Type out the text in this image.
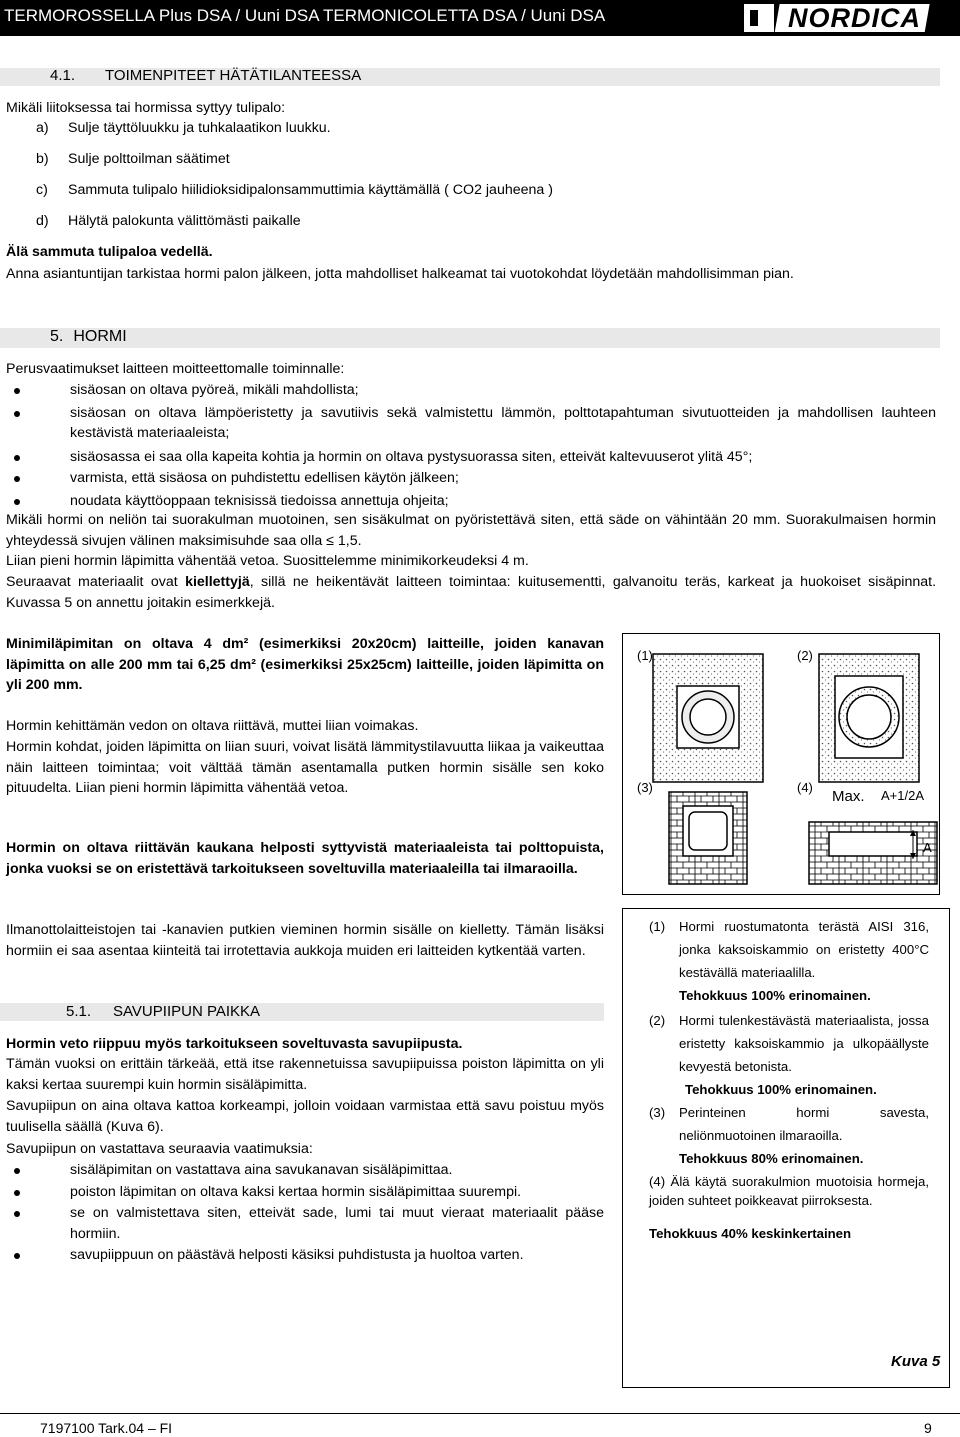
TERMOROSSELLA Plus DSA / Uuni DSA TERMONICOLETTA DSA / Uuni DSA	NORDICA
4.1. TOIMENPITEET HÄTÄTILANTEESSA

Mikäli liitoksessa tai hormissa syttyy tulipalo:

a) Sulje täyttöluukku ja tuhkalaatikon luukku.
b) Sulje polttoilman säätimet
c) Sammuta tulipalo hiilidioksidipalonsammuttimia käyttämällä ( CO2 jauheena )
d) Hälytä palokunta välittömästi paikalle

Älä sammuta tulipaloa vedellä.

Anna asiantuntijan tarkistaa hormi palon jälkeen, jotta mahdolliset halkeamat tai vuotokohdat löydetään mahdollisimman pian.

5. HORMI

Perusvaatimukset laitteen moitteettomalle toiminnalle:

sisäosan on oltava pyöreä, mikäli mahdollista;
sisäosan on oltava lämpöeristetty ja savutiivis sekä valmistettu lämmön, polttotapahtuman sivutuotteiden ja mahdollisen lauhteen kestävistä materiaaleista;
sisäosassa ei saa olla kapeita kohtia ja hormin on oltava pystysuorassa siten, etteivät kaltevuuserot ylitä 45°;
varmista, että sisäosa on puhdistettu edellisen käytön jälkeen;
noudata käyttöoppaan teknisissä tiedoissa annettuja ohjeita;

Mikäli hormi on neliön tai suorakulman muotoinen, sen sisäkulmat on pyöristettävä siten, että säde on vähintään 20 mm. Suorakulmaisen hormin yhteydessä sivujen välinen maksimisuhde saa olla ≤ 1,5.

Liian pieni hormin läpimitta vähentää vetoa. Suosittelemme minimikorkeudeksi 4 m.

Seuraavat materiaalit ovat kiellettyjä, sillä ne heikentävät laitteen toimintaa: kuitusementti, galvanoitu teräs, karkeat ja huokoiset sisäpinnat. Kuvassa 5 on annettu joitakin esimerkkejä.

Minimiläpimitan on oltava 4 dm² (esimerkiksi 20x20cm) laitteille, joiden kanavan läpimitta on alle 200 mm tai 6,25 dm² (esimerkiksi 25x25cm) laitteille, joiden läpimitta on yli 200 mm.

Hormin kehittämän vedon on oltava riittävä, muttei liian voimakas.

Hormin kohdat, joiden läpimitta on liian suuri, voivat lisätä lämmitystilavuutta liikaa ja vaikeuttaa näin laitteen toimintaa; voit välttää tämän asentamalla putken hormin sisälle sen koko pituudelta. Liian pieni hormin läpimitta vähentää vetoa.

Hormin on oltava riittävän kaukana helposti syttyvistä materiaaleista tai polttopuista, jonka vuoksi se on eristettävä tarkoitukseen soveltuvilla materiaaleilla tai ilmaraoilla.

Ilmanottolaitteistojen tai -kanavien putkien vieminen hormin sisälle on kielletty. Tämän lisäksi hormiin ei saa asentaa kiinteitä tai irrotettavia aukkoja muiden eri laitteiden kytkentää varten.

5.1. SAVUPIIPUN PAIKKA

Hormin veto riippuu myös tarkoitukseen soveltuvasta savupiipusta.

Tämän vuoksi on erittäin tärkeää, että itse rakennetuissa savupiipuissa poiston läpimitta on yli kaksi kertaa suurempi kuin hormin sisäläpimitta.

Savupiipun on aina oltava kattoa korkeampi, jolloin voidaan varmistaa että savu poistuu myös tuulisella säällä (Kuva 6).

Savupiipun on vastattava seuraavia vaatimuksia:

sisäläpimitan on vastattava aina savukanavan sisäläpimittaa.
poiston läpimitan on oltava kaksi kertaa hormin sisäläpimittaa suurempi.
se on valmistettava siten, etteivät sade, lumi tai muut vieraat materiaalit pääse hormiin.
savupiippuun on päästävä helposti käsiksi puhdistusta ja huoltoa varten.
(1)	(2)
(3)	(4)
Max. A+1/2A
A
(1) Hormi ruostumatonta terästä AISI 316, jonka kaksoiskammio on eristetty 400°C kestävällä materiaalilla.
Tehokkuus 100% erinomainen.
(2) Hormi tulenkestävästä materiaalista, jossa eristetty kaksoiskammio ja ulkopäällyste kevyestä betonista.
Tehokkuus 100% erinomainen.
(3) Perinteinen hormi savesta, neliönmuotoinen ilmaraoilla.
Tehokkuus 80% erinomainen.
(4) Älä käytä suorakulmion muotoisia hormeja, joiden suhteet poikkeavat piirroksesta.
Tehokkuus 40% keskinkertainen
Kuva 5
7197100 Tark.04 – FI	9
